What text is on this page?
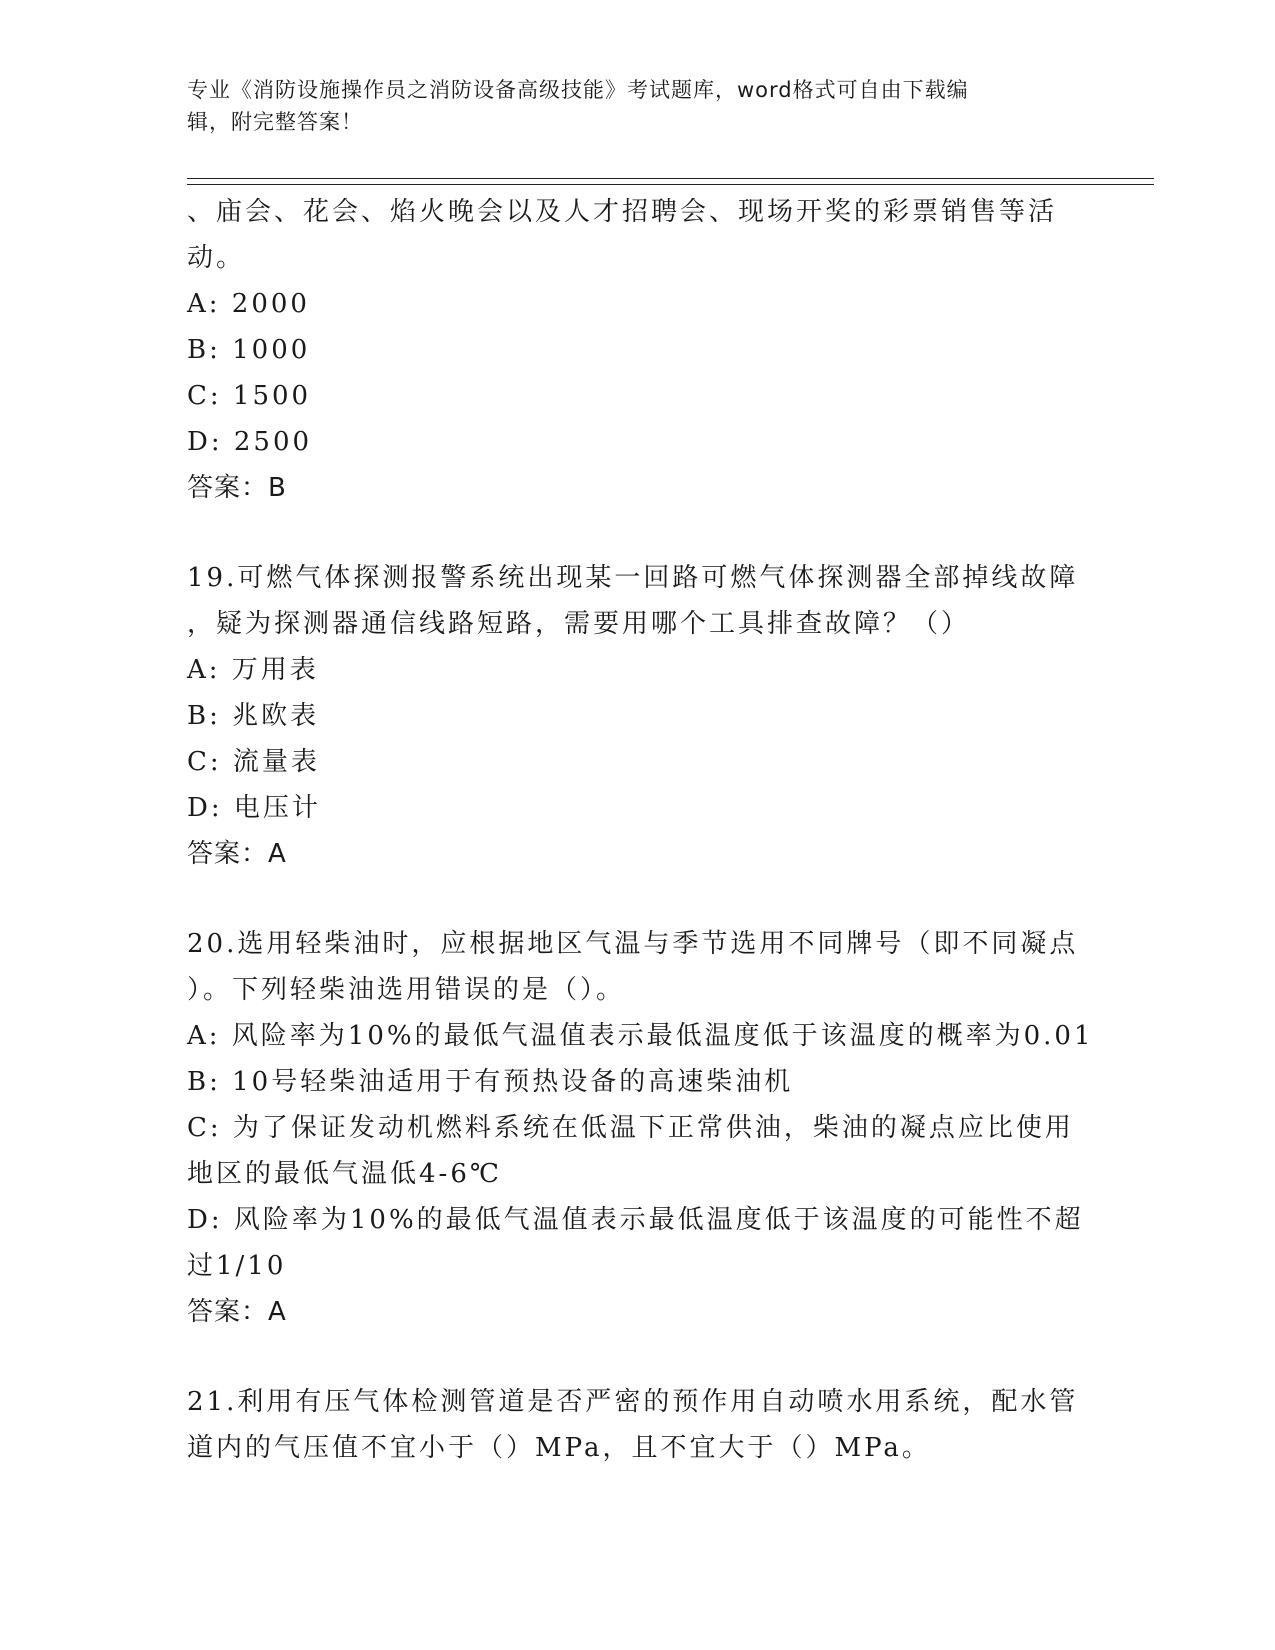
专业《消防设施操作员之消防设备高级技能》考试题库，word格式可自由下载编
辑，附完整答案！
、庙会、花会、焰火晚会以及人才招聘会、现场开奖的彩票销售等活
动。
A: 2000
B: 1000
C: 1500
D: 2500
答案：B
19.可燃气体探测报警系统出现某一回路可燃气体探测器全部掉线故障
，疑为探测器通信线路短路，需要用哪个工具排查故障？（）
A: 万用表
B: 兆欧表
C: 流量表
D: 电压计
答案：A
20.选用轻柴油时，应根据地区气温与季节选用不同牌号（即不同凝点
）。下列轻柴油选用错误的是（）。
A: 风险率为10%的最低气温值表示最低温度低于该温度的概率为0.01
B: 10号轻柴油适用于有预热设备的高速柴油机
C: 为了保证发动机燃料系统在低温下正常供油，柴油的凝点应比使用
地区的最低气温低4-6℃
D: 风险率为10%的最低气温值表示最低温度低于该温度的可能性不超
过1/10
答案：A
21.利用有压气体检测管道是否严密的预作用自动喷水用系统，配水管
道内的气压值不宜小于（）MPa，且不宜大于（）MPa。
